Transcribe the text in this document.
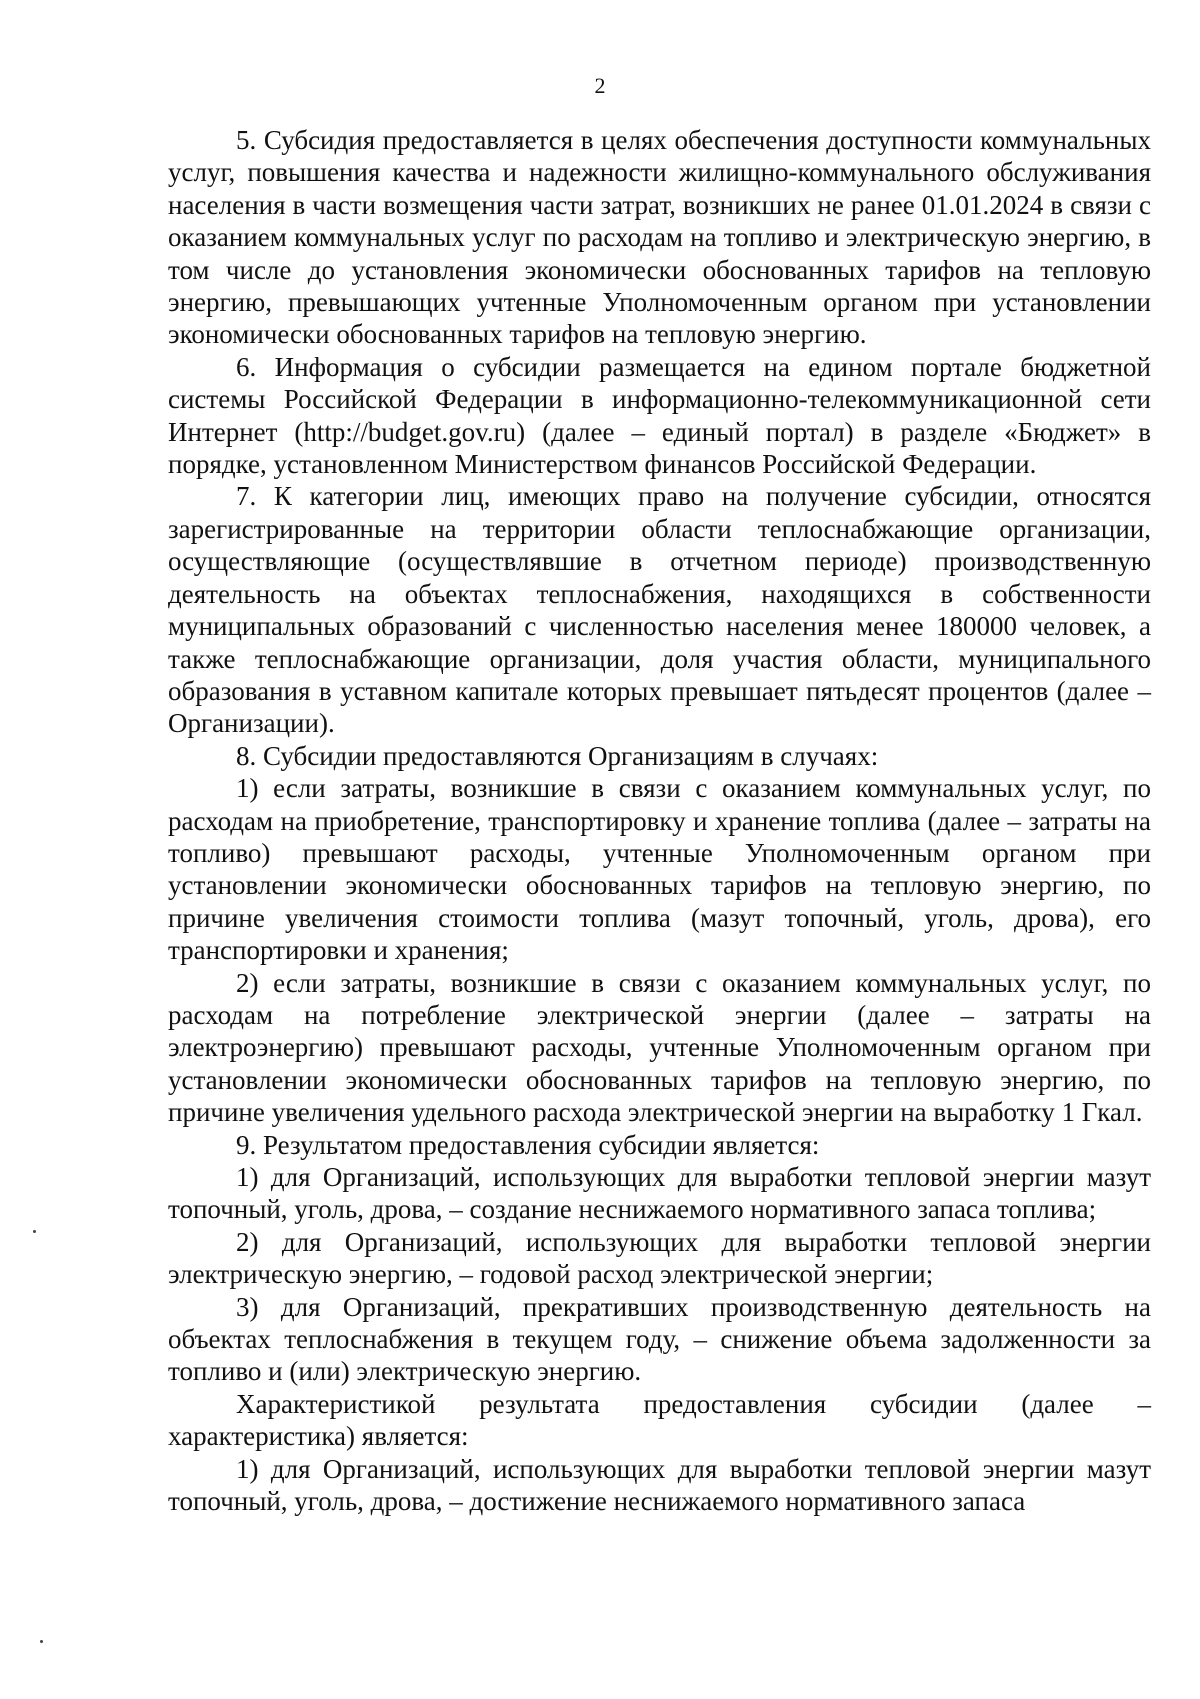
2

5. Субсидия предоставляется в целях обеспечения доступности коммунальных услуг, повышения качества и надежности жилищно-коммунального обслуживания населения в части возмещения части затрат, возникших не ранее 01.01.2024 в связи с оказанием коммунальных услуг по расходам на топливо и электрическую энергию, в том числе до установления экономически обоснованных тарифов на тепловую энергию, превышающих учтенные Уполномоченным органом при установлении экономически обоснованных тарифов на тепловую энергию.

6. Информация о субсидии размещается на едином портале бюджетной системы Российской Федерации в информационно-телекоммуникационной сети Интернет (http://budget.gov.ru) (далее – единый портал) в разделе «Бюджет» в порядке, установленном Министерством финансов Российской Федерации.

7. К категории лиц, имеющих право на получение субсидии, относятся зарегистрированные на территории области теплоснабжающие организации, осуществляющие (осуществлявшие в отчетном периоде) производственную деятельность на объектах теплоснабжения, находящихся в собственности муниципальных образований с численностью населения менее 180000 человек, а также теплоснабжающие организации, доля участия области, муниципального образования в уставном капитале которых превышает пятьдесят процентов (далее – Организации).

8. Субсидии предоставляются Организациям в случаях:

1) если затраты, возникшие в связи с оказанием коммунальных услуг, по расходам на приобретение, транспортировку и хранение топлива (далее – затраты на топливо) превышают расходы, учтенные Уполномоченным органом при установлении экономически обоснованных тарифов на тепловую энергию, по причине увеличения стоимости топлива (мазут топочный, уголь, дрова), его транспортировки и хранения;

2) если затраты, возникшие в связи с оказанием коммунальных услуг, по расходам на потребление электрической энергии (далее – затраты на электроэнергию) превышают расходы, учтенные Уполномоченным органом при установлении экономически обоснованных тарифов на тепловую энергию, по причине увеличения удельного расхода электрической энергии на выработку 1 Гкал.

9. Результатом предоставления субсидии является:

1) для Организаций, использующих для выработки тепловой энергии мазут топочный, уголь, дрова, – создание неснижаемого нормативного запаса топлива;

2) для Организаций, использующих для выработки тепловой энергии электрическую энергию, – годовой расход электрической энергии;

3) для Организаций, прекративших производственную деятельность на объектах теплоснабжения в текущем году, – снижение объема задолженности за топливо и (или) электрическую энергию.

Характеристикой результата предоставления субсидии (далее – характеристика) является:

1) для Организаций, использующих для выработки тепловой энергии мазут топочный, уголь, дрова, – достижение неснижаемого нормативного запаса
